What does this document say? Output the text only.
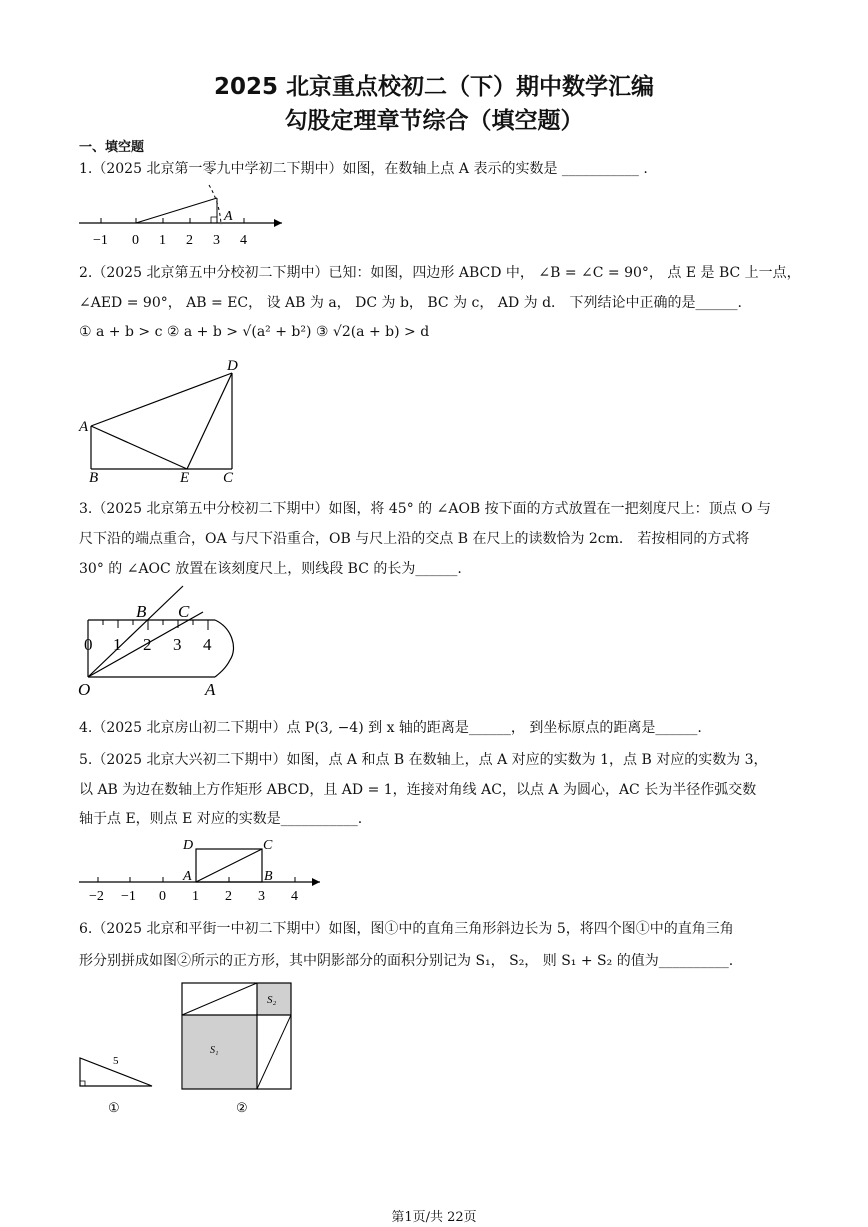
2025 北京重点校初二（下）期中数学汇编
勾股定理章节综合（填空题）
一、填空题
1.（2025 北京第一零九中学初二下期中）如图，在数轴上点 A 表示的实数是 ___________ .
A
−1 0 1 2 3 4
2.（2025 北京第五中分校初二下期中）已知：如图，四边形 ABCD 中， ∠B = ∠C = 90°， 点 E 是 BC 上一点，
∠AED = 90°， AB = EC， 设 AB 为 a， DC 为 b， BC 为 c， AD 为 d． 下列结论中正确的是______.
① a + b > c ② a + b > √(a² + b²) ③ √2(a + b) > d
A
B	C
D
E
3.（2025 北京第五中分校初二下期中）如图，将 45° 的 ∠AOB 按下面的方式放置在一把刻度尺上：顶点 O 与
尺下沿的端点重合，OA 与尺下沿重合，OB 与尺上沿的交点 B 在尺上的读数恰为 2cm． 若按相同的方式将
30° 的 ∠AOC 放置在该刻度尺上，则线段 BC 的长为______.
0 1 2 3 4
B C
O	A
4.（2025 北京房山初二下期中）点 P(3, −4) 到 x 轴的距离是______， 到坐标原点的距离是______.
5.（2025 北京大兴初二下期中）如图，点 A 和点 B 在数轴上，点 A 对应的实数为 1，点 B 对应的实数为 3，
以 AB 为边在数轴上方作矩形 ABCD，且 AD = 1，连接对角线 AC，以点 A 为圆心，AC 长为半径作弧交数
轴于点 E，则点 E 对应的实数是___________.
D	C
A	B
−2 −1 0 1 2 3 4
6.（2025 北京和平街一中初二下期中）如图，图①中的直角三角形斜边长为 5，将四个图①中的直角三角
形分别拼成如图②所示的正方形，其中阴影部分的面积分别记为 S₁， S₂， 则 S₁ + S₂ 的值为__________.
5
①
S₂
S₁
②
第1页/共 22页
